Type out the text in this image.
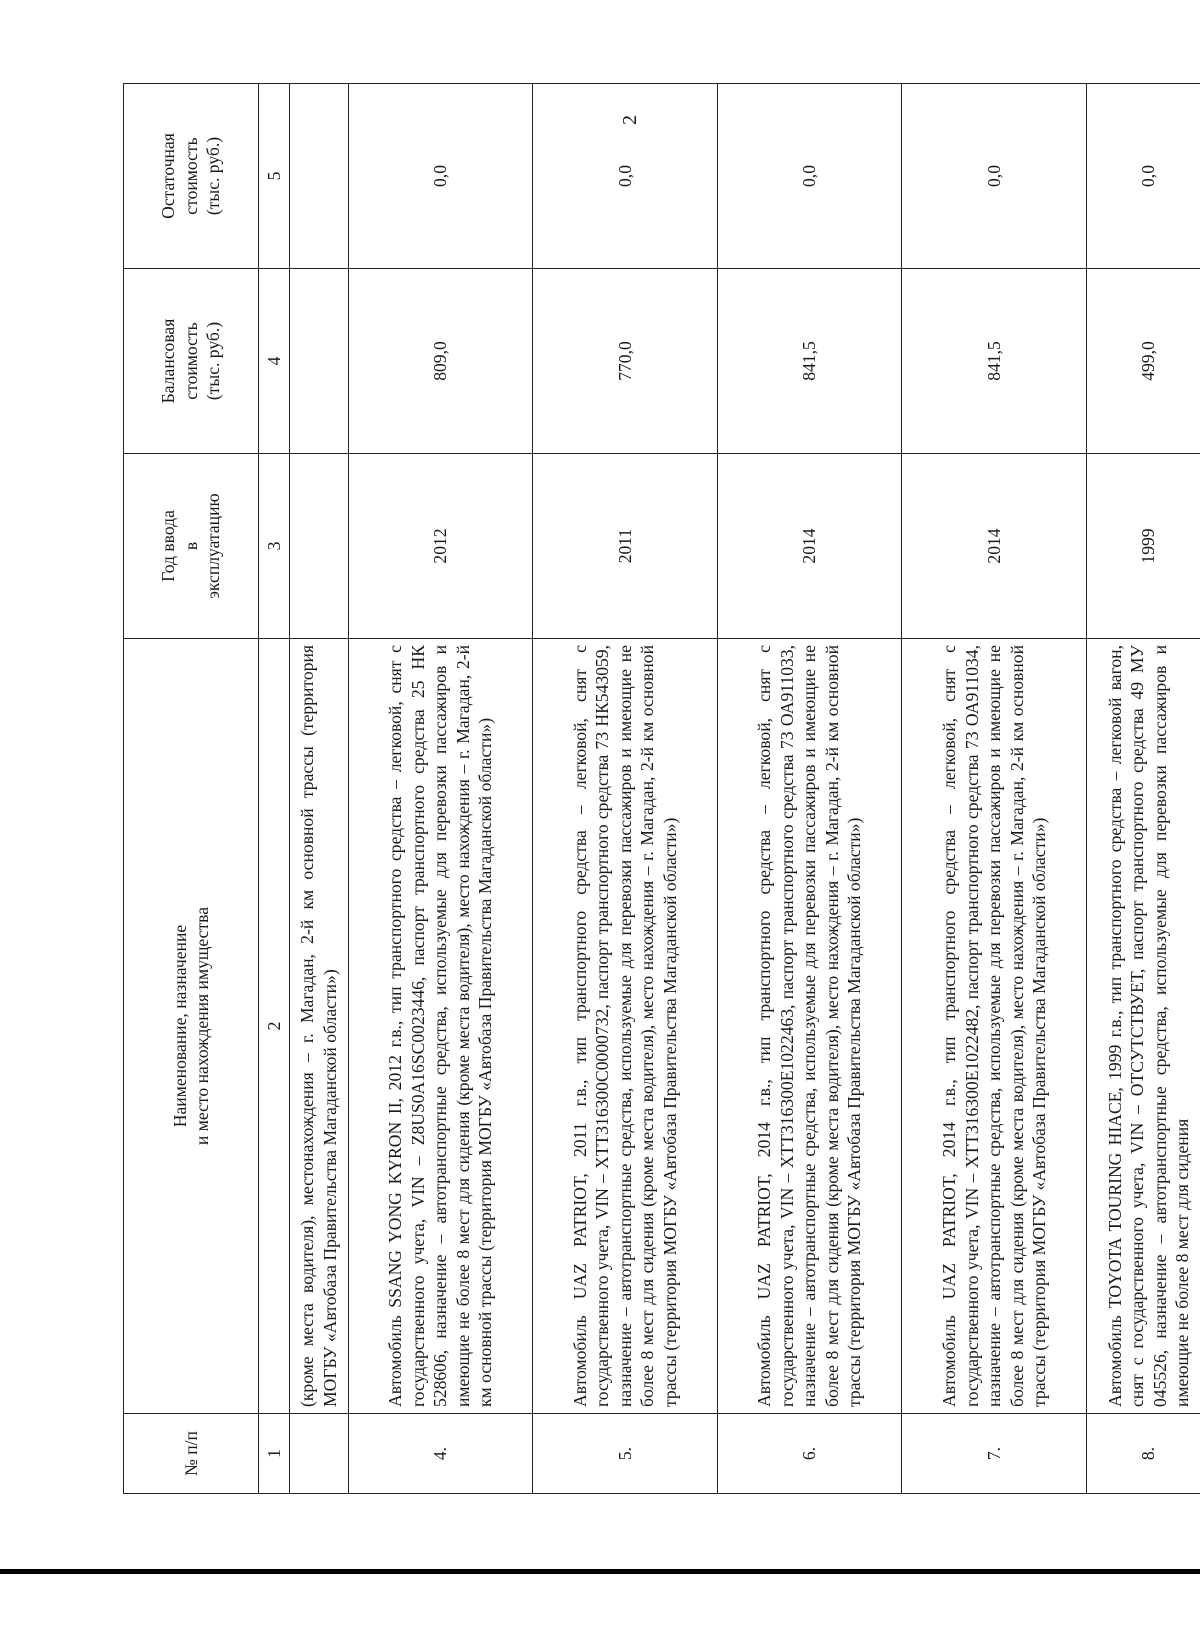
2
№ п/п	Наименование, назначение и место нахождения имущества	Год ввода в эксплуатацию	Балансовая стоимость (тыс. руб.)	Остаточная стоимость (тыс. руб.)
1	2	3	4	5
	(кроме места водителя), местонахождения – г. Магадан, 2-й км основной трассы (территория МОГБУ «Автобаза Правительства Магаданской области»)			
4.	Автомобиль SSANG YONG KYRON II, 2012 г.в., тип транспортного средства – легковой, снят с государственного учета, VIN – Z8US0A16SC0023446, паспорт транспортного средства 25 НК 528606, назначение – автотранспортные средства, используемые для перевозки пассажиров и имеющие не более 8 мест для сидения (кроме места водителя), место нахождения – г. Магадан, 2-й км основной трассы (территория МОГБУ «Автобаза Правительства Магаданской области»)	2012	809,0	0,0
5.	Автомобиль UAZ PATRIOT, 2011 г.в., тип транспортного средства – легковой, снят с государственного учета, VIN – XTT316300C0000732, паспорт транспортного средства 73 НК543059, назначение – автотранспортные средства, используемые для перевозки пассажиров и имеющие не более 8 мест для сидения (кроме места водителя), место нахождения – г. Магадан, 2-й км основной трассы (территория МОГБУ «Автобаза Правительства Магаданской области»)	2011	770,0	0,0
6.	Автомобиль UAZ PATRIOT, 2014 г.в., тип транспортного средства – легковой, снят с государственного учета, VIN – XTT316300E1022463, паспорт транспортного средства 73 ОА911033, назначение – автотранспортные средства, используемые для перевозки пассажиров и имеющие не более 8 мест для сидения (кроме места водителя), место нахождения – г. Магадан, 2-й км основной трассы (территория МОГБУ «Автобаза Правительства Магаданской области»)	2014	841,5	0,0
7.	Автомобиль UAZ PATRIOT, 2014 г.в., тип транспортного средства – легковой, снят с государственного учета, VIN – XTT316300E1022482, паспорт транспортного средства 73 ОА911034, назначение – автотранспортные средства, используемые для перевозки пассажиров и имеющие не более 8 мест для сидения (кроме места водителя), место нахождения – г. Магадан, 2-й км основной трассы (территория МОГБУ «Автобаза Правительства Магаданской области»)	2014	841,5	0,0
8.	Автомобиль TOYOTA TOURING HIACE, 1999 г.в., тип транспортного средства – легковой вагон, снят с государственного учета, VIN – ОТСУТСТВУЕТ, паспорт транспортного средства 49 МУ 045526, назначение – автотранспортные средства, используемые для перевозки пассажиров и имеющие не более 8 мест для сидения	1999	499,0	0,0
